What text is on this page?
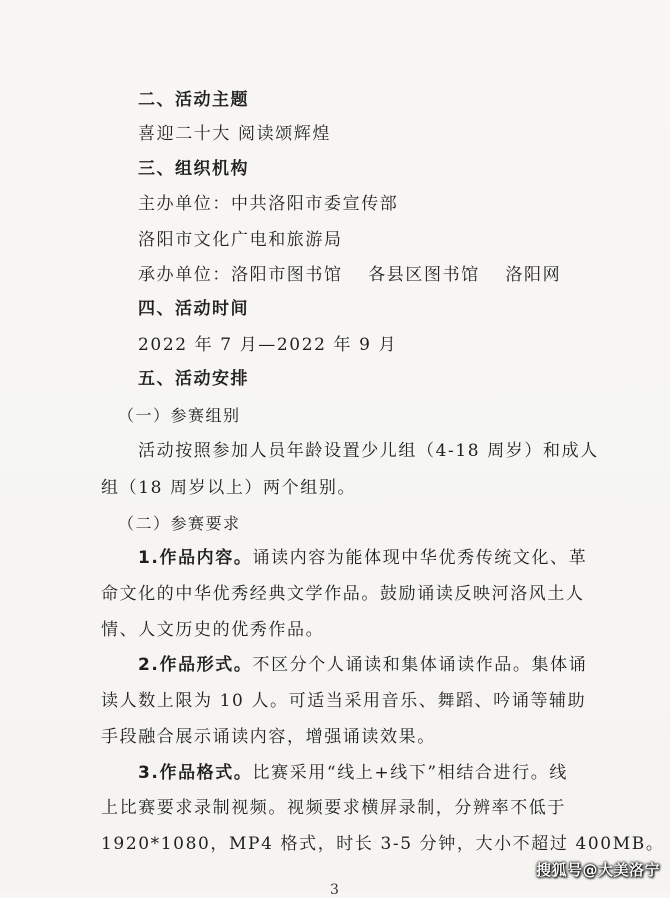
二、活动主题
喜迎二十大 阅读颂辉煌
三、组织机构
主办单位：中共洛阳市委宣传部
洛阳市文化广电和旅游局
承办单位：洛阳市图书馆　 各县区图书馆　 洛阳网
四、活动时间
2022 年 7 月—2022 年 9 月
五、活动安排
（一）参赛组别
活动按照参加人员年龄设置少儿组（4-18 周岁）和成人
组（18 周岁以上）两个组别。
（二）参赛要求
1.作品内容。诵读内容为能体现中华优秀传统文化、革
命文化的中华优秀经典文学作品。鼓励诵读反映河洛风土人
情、人文历史的优秀作品。
2.作品形式。不区分个人诵读和集体诵读作品。集体诵
读人数上限为 10 人。可适当采用音乐、舞蹈、吟诵等辅助
手段融合展示诵读内容，增强诵读效果。
3.作品格式。比赛采用“线上+线下”相结合进行。线
上比赛要求录制视频。视频要求横屏录制，分辨率不低于
1920*1080，MP4 格式，时长 3-5 分钟，大小不超过 400MB。
3
搜狐号@大美洛宁
